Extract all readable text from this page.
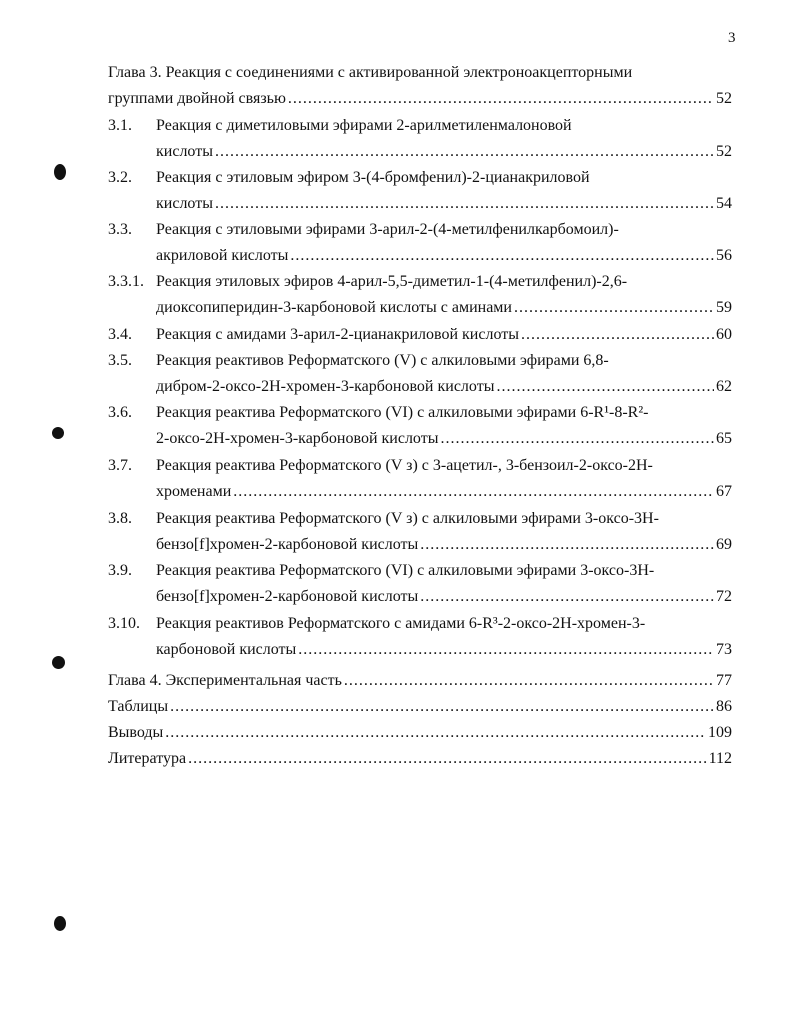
3
Глава 3. Реакция с соединениями с активированной электроноакцепторными
группами двойной связью .....	52
3.1.	Реакция с диметиловыми эфирами 2-арилметиленмалоновой
кислоты .....	52
3.2.	Реакция с этиловым эфиром 3-(4-бромфенил)-2-цианакриловой
кислоты .....	54
3.3.	Реакция с этиловыми эфирами 3-арил-2-(4-метилфенилкарбомоил)-
акриловой кислоты .....	56
3.3.1. Реакция этиловых эфиров 4-арил-5,5-диметил-1-(4-метилфенил)-2,6-
диоксопиперидин-3-карбоновой кислоты с аминами .....	59
3.4.	Реакция с амидами 3-арил-2-цианакриловой кислоты .....	60
3.5.	Реакция реактивов Реформатского (V) с алкиловыми эфирами 6,8-
дибром-2-оксо-2Н-хромен-3-карбоновой кислоты .....	62
3.6.	Реакция реактива Реформатского (VI) с алкиловыми эфирами 6-R¹-8-R²-
2-оксо-2Н-хромен-3-карбоновой кислоты .....	65
3.7.	Реакция реактива Реформатского (V з) с 3-ацетил-, 3-бензоил-2-оксо-2Н-
хроменами .....	67
3.8.	Реакция реактива Реформатского (V з) с алкиловыми эфирами 3-оксо-3Н-
бензо[f]хромен-2-карбоновой кислоты .....	69
3.9.	Реакция реактива Реформатского (VI) с алкиловыми эфирами 3-оксо-3Н-
бензо[f]хромен-2-карбоновой кислоты .....	72
3.10.	Реакция реактивов Реформатского с амидами 6-R³-2-оксо-2Н-хромен-3-
карбоновой кислоты .....	73
Глава 4. Экспериментальная часть .....	77
Таблицы .....	86
Выводы .....	109
Литература .....	112
